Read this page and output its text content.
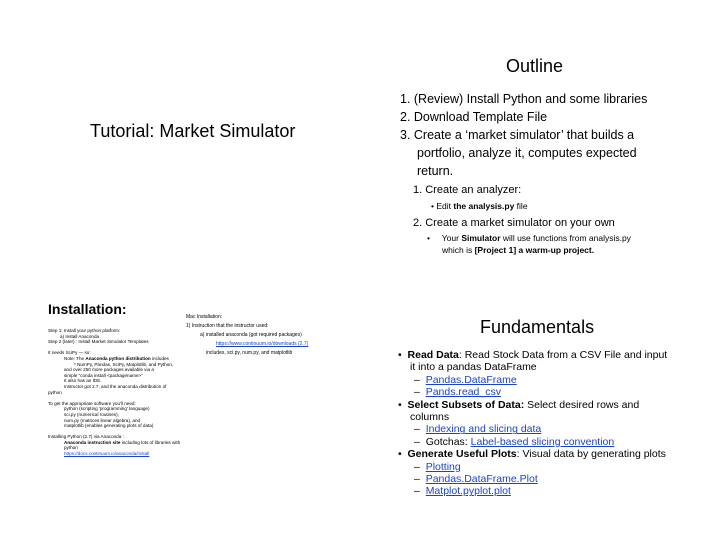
Tutorial: Market Simulator
Outline
1. (Review) Install Python and some libraries
2. Download Template File
3. Create a ‘market simulator’ that builds a
portfolio, analyze it, computes expected
return.
1. Create an analyzer:
• Edit the analysis.py file
2. Create a market simulator on your own
•     Your Simulator will use functions from analysis.py
which is [Project 1] a warm-up project.
Installation:
Step 1: Install your python platform:
a) Install Anaconda
Step 2 (later) : Install Market Simulator Templates

It needs SciPy — so:
Note: The Anaconda python distribution includes
* NumPy, Pandas, SciPy, Matplotlib, and Python,
and over 250 more packages available via a
simple "conda install <packagename>"
It also has an IDE.
Instructor got 2.7, and the anaconda distribution of
python

To get the appropriate software you'll need:
python (scripting 'programming' language)
sci.py (numerical routines),
num.py (matrices linear algebra), and
matplotlib (enables generating plots of data)

Installing Python (2.7) via Anaconda :
Anaconda instruction site including lots of libraries with
python
https://docs.continuum.io/anaconda/install
Mac Installation:
1) Instruction that the instructor used:
a) installed anaconda (got required packages)
https://www.continuum.io/downloads (2.7)
includes, sci.py, num.py, and matplotlib
Fundamentals
•  Read Data: Read Stock Data from a CSV File and input
it into a pandas DataFrame
–  Pandas.DataFrame
–  Pands.read_csv
•  Select Subsets of Data: Select desired rows and
columns
–  Indexing and slicing data
–  Gotchas: Label-based slicing convention
•  Generate Useful Plots: Visual data by generating plots
–  Plotting
–  Pandas.DataFrame.Plot
–  Matplot.pyplot.plot
